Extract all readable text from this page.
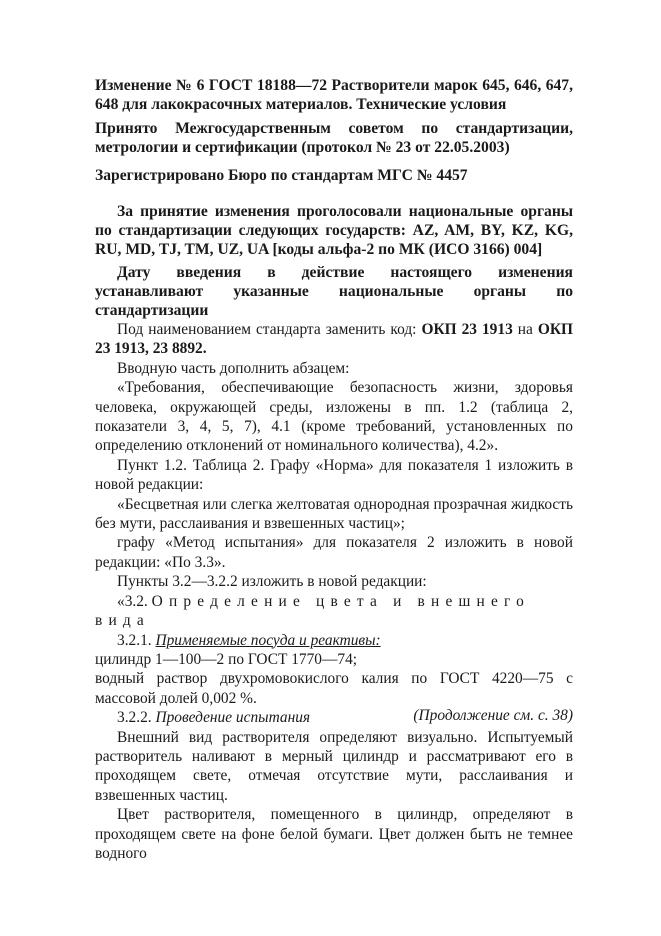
Изменение № 6 ГОСТ 18188—72 Растворители марок 645, 646, 647, 648 для лакокрасочных материалов. Технические условия

Принято Межгосударственным советом по стандартизации, метрологии и сертификации (протокол № 23 от 22.05.2003)

Зарегистрировано Бюро по стандартам МГС № 4457

За принятие изменения проголосовали национальные органы по стандартизации следующих государств: AZ, AM, BY, KZ, KG, RU, MD, TJ, TM, UZ, UA [коды альфа-2 по МК (ИСО 3166) 004]

Дату введения в действие настоящего изменения устанавливают указанные национальные органы по стандартизации

Под наименованием стандарта заменить код: ОКП 23 1913 на ОКП 23 1913, 23 8892.

Вводную часть дополнить абзацем:

«Требования, обеспечивающие безопасность жизни, здоровья человека, окружающей среды, изложены в пп. 1.2 (таблица 2, показатели 3, 4, 5, 7), 4.1 (кроме требований, установленных по определению отклонений от номинального количества), 4.2».

Пункт 1.2. Таблица 2. Графу «Норма» для показателя 1 изложить в новой редакции:

«Бесцветная или слегка желтоватая однородная прозрачная жидкость без мути, расслаивания и взвешенных частиц»;

графу «Метод испытания» для показателя 2 изложить в новой редакции: «По 3.3».

Пункты 3.2—3.2.2 изложить в новой редакции:

«3.2. Определение цвета и внешнего вида

3.2.1. Применяемые посуда и реактивы:

цилиндр 1—100—2 по ГОСТ 1770—74;

водный раствор двухромовокислого калия по ГОСТ 4220—75 с массовой долей 0,002 %.

3.2.2. Проведение испытания

Внешний вид растворителя определяют визуально. Испытуемый растворитель наливают в мерный цилиндр и рассматривают его в проходящем свете, отмечая отсутствие мути, расслаивания и взвешенных частиц.

Цвет растворителя, помещенного в цилиндр, определяют в проходящем свете на фоне белой бумаги. Цвет должен быть не темнее водного

(Продолжение см. с. 38)
